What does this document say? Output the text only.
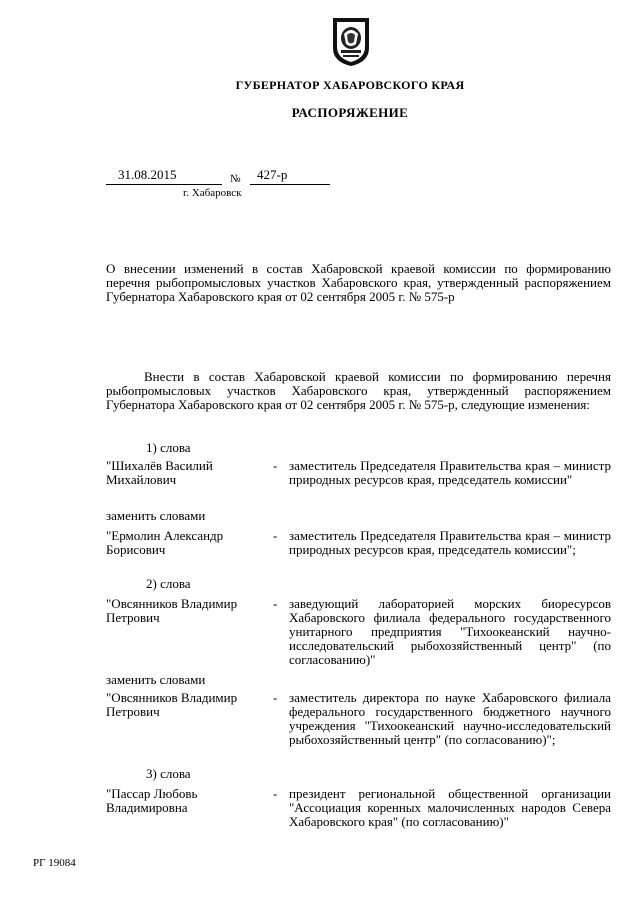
ГУБЕРНАТОР ХАБАРОВСКОГО КРАЯ
РАСПОРЯЖЕНИЕ
31.08.2015	№ 427-р
г. Хабаровск
О внесении изменений в состав Хабаровской краевой комиссии по формированию перечня рыбопромысловых участков Хабаровского края, утвержденный распоряжением Губернатора Хабаровского края от 02 сентября 2005 г. № 575-р
Внести в состав Хабаровской краевой комиссии по формированию перечня рыбопромысловых участков Хабаровского края, утвержденный распоряжением Губернатора Хабаровского края от 02 сентября 2005 г. № 575-р, следующие изменения:
1) слова
"Шихалёв Василий Михайлович
- заместитель Председателя Правительства края – министр природных ресурсов края, председатель комиссии"
заменить словами
"Ермолин Александр Борисович
- заместитель Председателя Правительства края – министр природных ресурсов края, председатель комиссии";
2) слова
"Овсянников Владимир Петрович
- заведующий лабораторией морских биоресурсов Хабаровского филиала федерального государственного унитарного предприятия "Тихоокеанский научно-исследовательский рыбохозяйственный центр" (по согласованию)"
заменить словами
"Овсянников Владимир Петрович
- заместитель директора по науке Хабаровского филиала федерального государственного бюджетного научного учреждения "Тихоокеанский научно-исследовательский рыбохозяйственный центр" (по согласованию)";
3) слова
"Пассар Любовь Владимировна
- президент региональной общественной организации "Ассоциация коренных малочисленных народов Севера Хабаровского края" (по согласованию)"
РГ 19084
